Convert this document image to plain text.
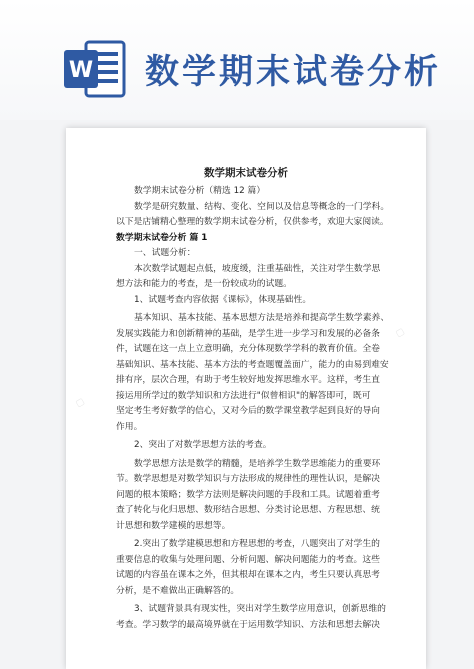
W 数学期末试卷分析
数学期末试卷分析

数学期末试卷分析（精选 12 篇）

数学是研究数量、结构、变化、空间以及信息等概念的一门学科。

以下是店铺精心整理的数学期末试卷分析，仅供参考，欢迎大家阅读。

数学期末试卷分析 篇 1

一、试题分析：

本次数学试题起点低，坡度缓，注重基础性，关注对学生数学思

想方法和能力的考查，是一份较成功的试题。

1、试题考查内容依据《课标》，体现基础性。

基本知识、基本技能、基本思想方法是培养和提高学生数学素养、

发展实践能力和创新精神的基础，是学生进一步学习和发展的必备条

件，试题在这一点上立意明确，充分体现数学学科的教育价值。全卷

基础知识、基本技能、基本方法的考查题覆盖面广，能力的由易到难安

排有序，层次合理，有助于考生较好地发挥思维水平。这样，考生直

接运用所学过的数学知识和方法进行"似曾相识"的解答即可，既可

坚定考生考好数学的信心，又对今后的数学课堂教学起到良好的导向

作用。

2、突出了对数学思想方法的考查。

数学思想方法是数学的精髓，是培养学生数学思维能力的重要环

节。数学思想是对数学知识与方法形成的规律性的理性认识，是解决

问题的根本策略；数学方法则是解决问题的手段和工具。试题着重考

查了转化与化归思想、数形结合思想、分类讨论思想、方程思想、统

计思想和数学建模的思想等。

2.突出了数学建模思想和方程思想的考查，八题突出了对学生的

重要信息的收集与处理问题、分析问题、解决问题能力的考查。这些

试题的内容虽在课本之外，但其根却在课本之内，考生只要认真思考

分析，是不难做出正确解答的。

3、试题背景具有现实性，突出对学生数学应用意识，创新思维的

考查。学习数学的最高境界就在于运用数学知识、方法和思想去解决

▢
▢
